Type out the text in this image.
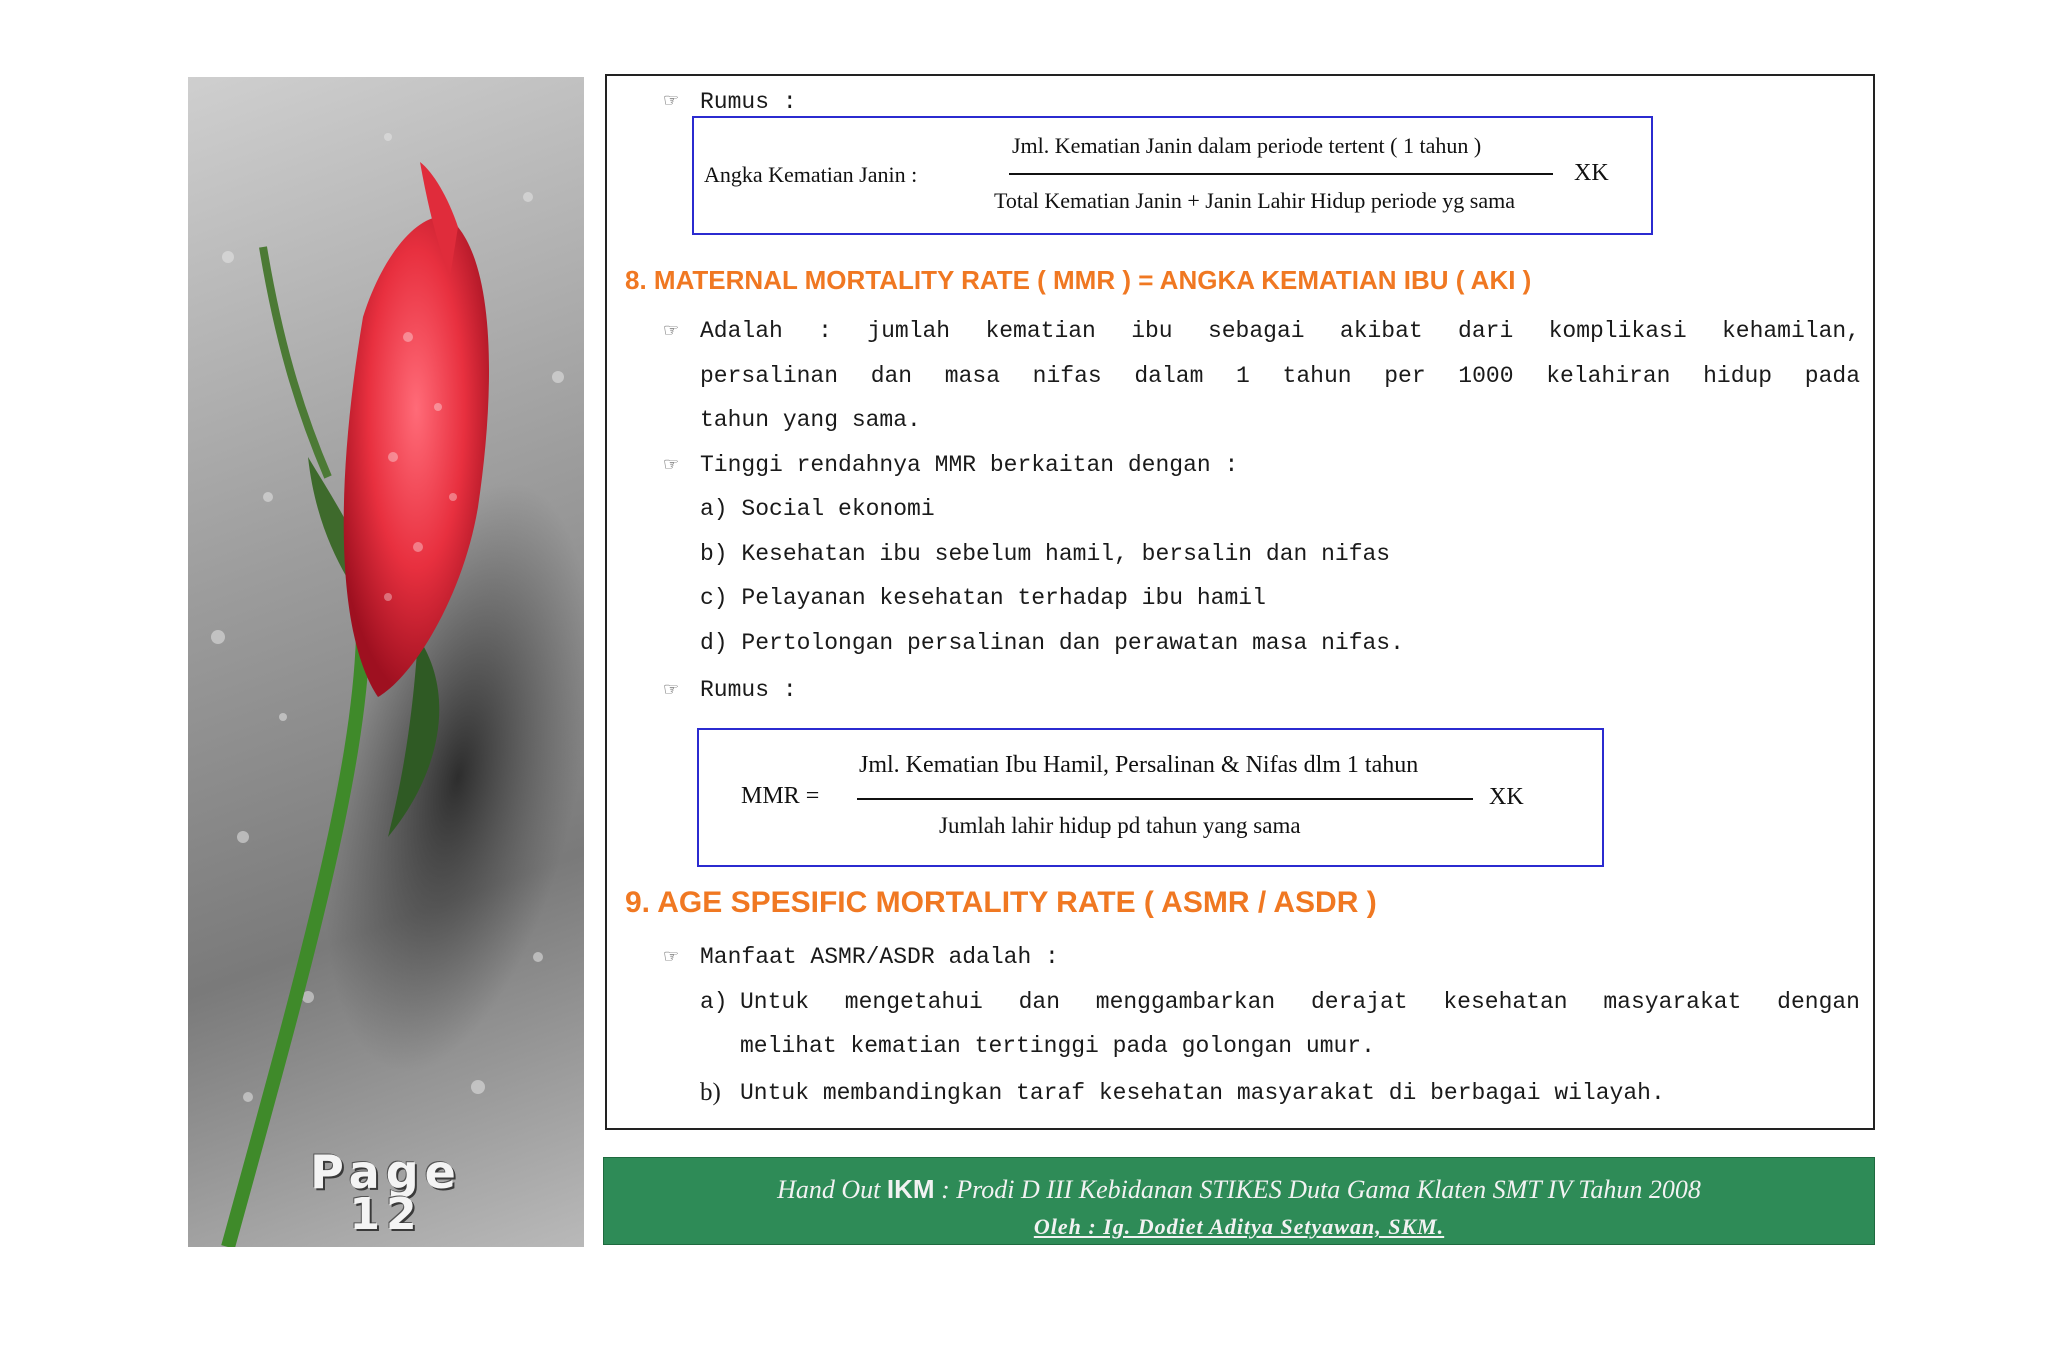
Page
12
☞ Rumus :
Angka Kematian Janin :
Jml. Kematian Janin dalam periode tertent ( 1 tahun )
Total Kematian Janin + Janin Lahir Hidup periode yg sama
XK
8. MATERNAL MORTALITY RATE ( MMR ) = ANGKA KEMATIAN IBU ( AKI )
☞ Adalah : jumlah kematian ibu sebagai akibat dari komplikasi kehamilan,
persalinan dan masa nifas dalam 1 tahun per 1000 kelahiran hidup pada
tahun yang sama.
☞ Tinggi rendahnya MMR berkaitan dengan :
a) Social ekonomi
b) Kesehatan ibu sebelum hamil, bersalin dan nifas
c) Pelayanan kesehatan terhadap ibu hamil
d) Pertolongan persalinan dan perawatan masa nifas.
☞ Rumus :
MMR =
Jml. Kematian Ibu Hamil, Persalinan & Nifas dlm 1 tahun
Jumlah lahir hidup pd tahun yang sama
XK
9. AGE SPESIFIC MORTALITY RATE ( ASMR / ASDR )
☞ Manfaat ASMR/ASDR adalah :
a) Untuk mengetahui dan menggambarkan derajat kesehatan masyarakat dengan
melihat kematian tertinggi pada golongan umur.
b) Untuk membandingkan taraf kesehatan masyarakat di berbagai wilayah.
Hand Out IKM : Prodi D III Kebidanan STIKES Duta Gama Klaten SMT IV Tahun 2008
Oleh : Ig. Dodiet Aditya Setyawan, SKM.
